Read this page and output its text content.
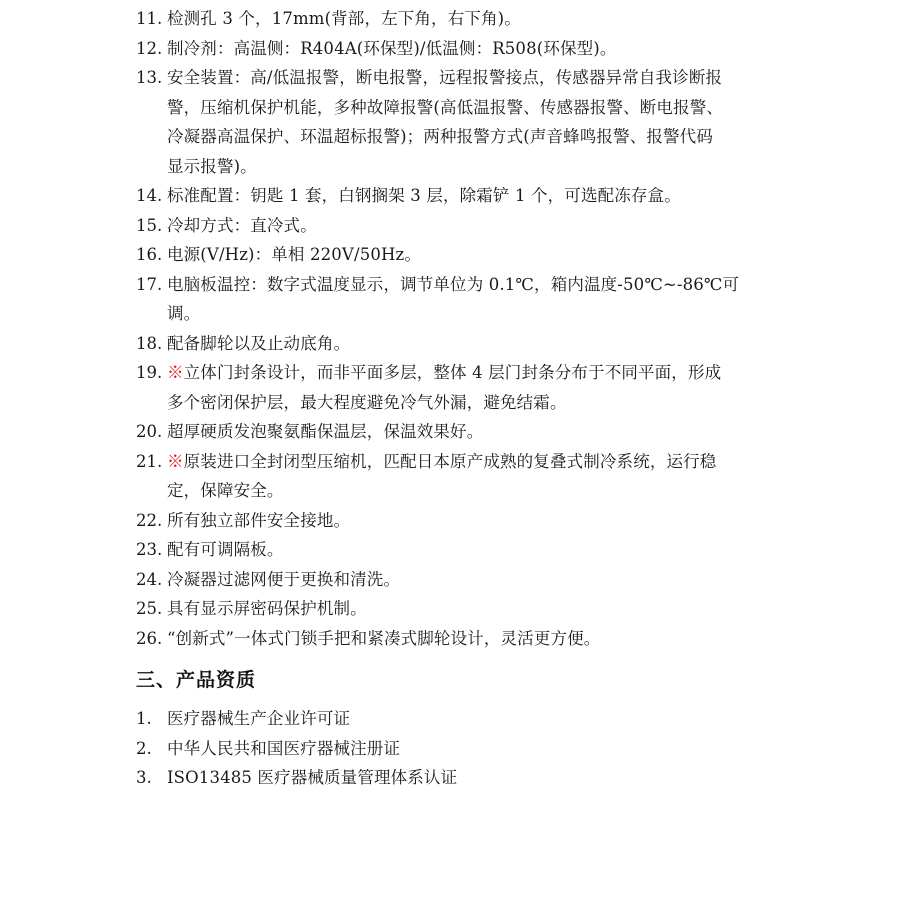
11. 检测孔 3 个，17mm(背部，左下角，右下角)。
12. 制冷剂：高温侧：R404A(环保型)/低温侧：R508(环保型)。
13. 安全装置：高/低温报警，断电报警，远程报警接点，传感器异常自我诊断报
警，压缩机保护机能，多种故障报警(高低温报警、传感器报警、断电报警、
冷凝器高温保护、环温超标报警)；两种报警方式(声音蜂鸣报警、报警代码
显示报警)。
14. 标准配置：钥匙 1 套，白钢搁架 3 层，除霜铲 1 个，可选配冻存盒。
15. 冷却方式：直冷式。
16. 电源(V/Hz)：单相 220V/50Hz。
17. 电脑板温控：数字式温度显示，调节单位为 0.1℃，箱内温度-50℃~-86℃可
调。
18. 配备脚轮以及止动底角。
19. ※立体门封条设计，而非平面多层，整体 4 层门封条分布于不同平面，形成
多个密闭保护层，最大程度避免冷气外漏，避免结霜。
20. 超厚硬质发泡聚氨酯保温层，保温效果好。
21. ※原装进口全封闭型压缩机，匹配日本原产成熟的复叠式制冷系统，运行稳
定，保障安全。
22. 所有独立部件安全接地。
23. 配有可调隔板。
24. 冷凝器过滤网便于更换和清洗。
25. 具有显示屏密码保护机制。
26. “创新式”一体式门锁手把和紧凑式脚轮设计，灵活更方便。
三、产品资质
1. 医疗器械生产企业许可证
2. 中华人民共和国医疗器械注册证
3. ISO13485 医疗器械质量管理体系认证
